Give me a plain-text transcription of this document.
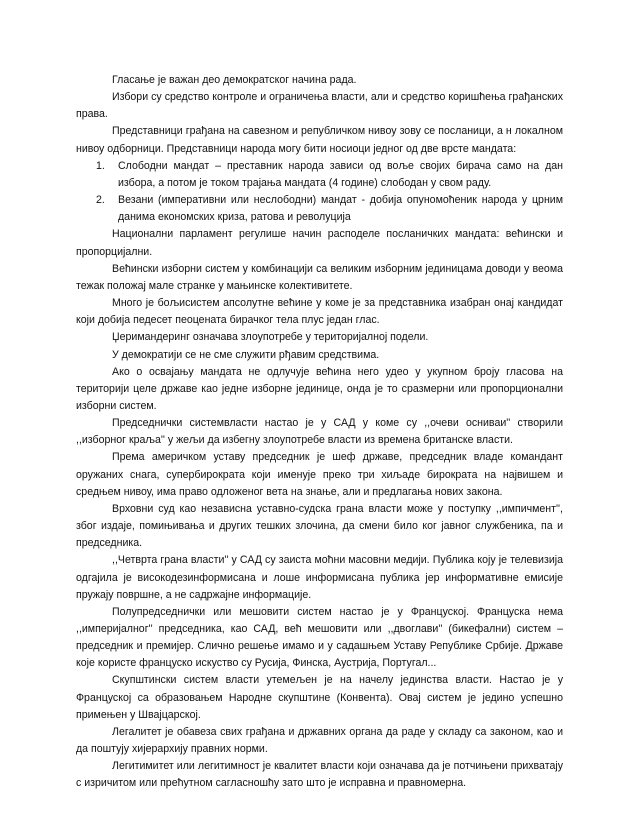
Гласање је важан део демократског начина рада.

Избори су средство контроле и ограничења власти, али и средство коришћења грађанских права.

Представници грађана на савезном и републичком нивоу зову се посланици, а н локалном нивоу одборници. Представници народа могу бити носиоци једног од две врсте мандата:

1. Слободни мандат – преставник народа зависи од воље својих бирача само на дан избора, а потом је током трајања мандата (4 године) слободан у свом раду.
2. Везани (императивни или неслободни) мандат - добија опуномоћеник народа у црним данима економских криза, ратова и револуција

Национални парламент регулише начин расподеле посланичких мандата: већински и пропорцијални.

Већински изборни систем у комбинацији са великим изборним јединицама доводи у веома тежак положај мале странке у мањинске колективитете.

Много је бољисистем апсолутне већине у коме је за представника изабран онај кандидат који добија педесет пеоцената бирачког тела плус један глас.

Џеримандеринг означава злоупотребе у територијалној подели.

У демократији се не сме служити рђавим средствима.

Ако о освајању мандата не одлучује већина него удео у укупном броју гласова на територији целе државе као једне изборне јединице, онда је то сразмерни или пропорционални изборни систем.

Председнички системвласти настао је у САД у коме су ,,очеви осниваи'' створили ,,изборног краља'' у жељи да избегну злоупотребе власти из времена британске власти.

Према америчком уставу председник је шеф државе, председник владе командант оружаних снага, супербирократа који именује преко три хиљаде бирократа на највишем и средњем нивоу, има право одложеног вета на знање, али и предлагања нових закона.

Врховни суд као независна уставно-судска грана власти може у поступку ,,импичмент'', због издаје, помињивања и других тешких злочина, да смени било ког јавног службеника, па и председника.

,,Четврта грана власти'' у САД су заиста моћни масовни медији. Публика коју је телевизија одгајила је високодезинформисана и лоше информисана публика јер информативне емисије пружају површне, а не садржајне информације.

Полупредседнички или мешовити систем настао је у Француској. Француска нема ,,империјалног'' председника, као САД, већ мешовити или ,,двоглави'' (бикефални) систем – председник и премијер. Слично решење имамо и у садашњем Уставу Републике Србије. Државе које користе француско искуство су Русија, Финска, Аустрија, Португал...

Скупштински систем власти утемељен је на начелу јединства власти. Настао је у Француској са образовањем Народне скупштине (Конвента). Овај систем је једино успешно примењен у Швајцарској.

Легалитет је обавеза свих грађана и државних органа да раде у складу са законом, као и да поштују хијерархију правних норми.

Легитимитет или легитимност је квалитет власти који означава да је потчињени прихватају с изричитом или прећутном сагласношћу зато што је исправна и правномерна.
